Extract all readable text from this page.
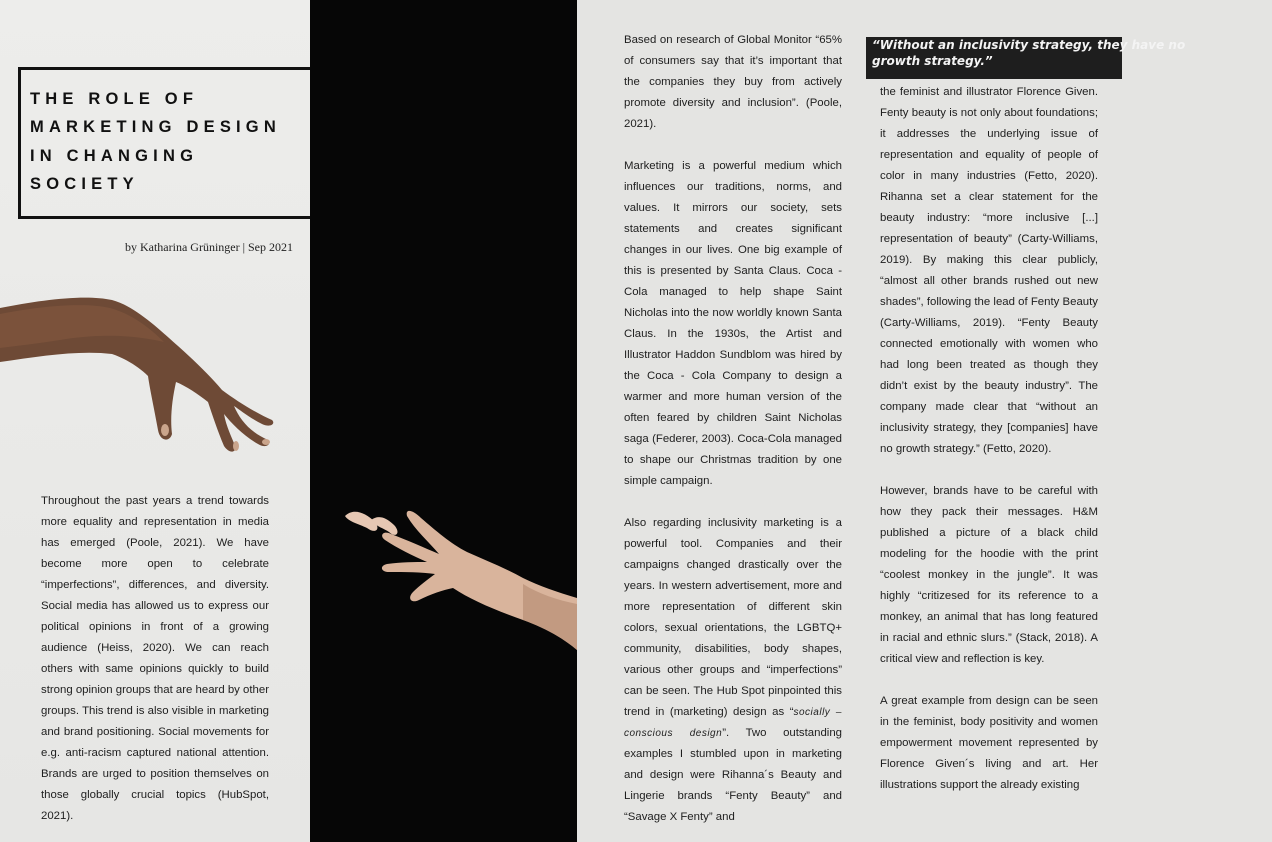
THE ROLE OF
MARKETING DESIGN
IN CHANGING
SOCIETY
by Katharina Grüninger | Sep 2021

Throughout the past years a trend towards more equality and representation in media has emerged (Poole, 2021). We have become more open to celebrate “imperfections”, differences, and diversity. Social media has allowed us to express our political opinions in front of a growing audience (Heiss, 2020). We can reach others with same opinions quickly to build strong opinion groups that are heard by other groups. This trend is also visible in marketing and brand positioning. Social movements for e.g. anti-racism captured national attention. Brands are urged to position themselves on those globally crucial topics (HubSpot, 2021).

Based on research of Global Monitor “65% of consumers say that it’s important that the companies they buy from actively promote diversity and inclusion”. (Poole, 2021).

Marketing is a powerful medium which influences our traditions, norms, and values. It mirrors our society, sets statements and creates significant changes in our lives. One big example of this is presented by Santa Claus. Coca - Cola managed to help shape Saint Nicholas into the now worldly known Santa Claus. In the 1930s, the Artist and Illustrator Haddon Sundblom was hired by the Coca - Cola Company to design a warmer and more human version of the often feared by children Saint Nicholas saga (Federer, 2003). Coca-Cola managed to shape our Christmas tradition by one simple campaign.

Also regarding inclusivity marketing is a powerful tool. Companies and their campaigns changed drastically over the years. In western advertisement, more and more representation of different skin colors, sexual orientations, the LGBTQ+ community, disabilities, body shapes, various other groups and “imperfections” can be seen. The Hub Spot pinpointed this trend in (marketing) design as “socially – conscious design”. Two outstanding examples I stumbled upon in marketing and design were Rihanna´s Beauty and Lingerie brands “Fenty Beauty” and “Savage X Fenty” and

“Without an inclusivity strategy, they have no
growth strategy.”

the feminist and illustrator Florence Given. Fenty beauty is not only about foundations; it addresses the underlying issue of representation and equality of people of color in many industries (Fetto, 2020). Rihanna set a clear statement for the beauty industry: “more inclusive [...] representation of beauty” (Carty-Williams, 2019). By making this clear publicly, “almost all other brands rushed out new shades”, following the lead of Fenty Beauty (Carty-Williams, 2019). “Fenty Beauty connected emotionally with women who had long been treated as though they didn’t exist by the beauty industry”. The company made clear that “without an inclusivity strategy, they [companies] have no growth strategy.” (Fetto, 2020).

However, brands have to be careful with how they pack their messages. H&M published a picture of a black child modeling for the hoodie with the print “coolest monkey in the jungle”. It was highly “critizesed for its reference to a monkey, an animal that has long featured in racial and ethnic slurs.” (Stack, 2018). A critical view and reflection is key.

A great example from design can be seen in the feminist, body positivity and women empowerment movement represented by Florence Given´s living and art. Her illustrations support the already existing
